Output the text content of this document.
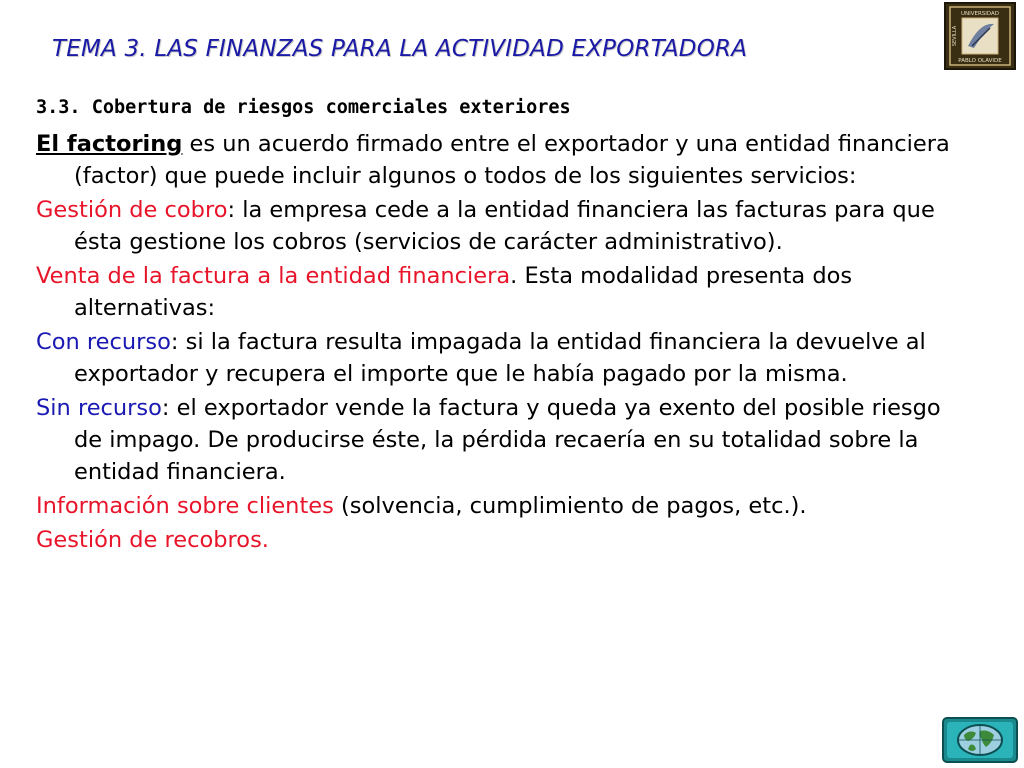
TEMA 3. LAS FINANZAS PARA LA ACTIVIDAD EXPORTADORA
UNIVERSIDAD
PABLO OLAVIDE
SEVILLA
3.3. Cobertura de riesgos comerciales exteriores

El factoring es un acuerdo firmado entre el exportador y una entidad financiera (factor) que puede incluir algunos o todos de los siguientes servicios:

Gestión de cobro: la empresa cede a la entidad financiera las facturas para que ésta gestione los cobros (servicios de carácter administrativo).

Venta de la factura a la entidad financiera. Esta modalidad presenta dos alternativas:

Con recurso: si la factura resulta impagada la entidad financiera la devuelve al exportador y recupera el importe que le había pagado por la misma.

Sin recurso: el exportador vende la factura y queda ya exento del posible riesgo de impago. De producirse éste, la pérdida recaería en su totalidad sobre la entidad financiera.

Información sobre clientes (solvencia, cumplimiento de pagos, etc.).

Gestión de recobros.
